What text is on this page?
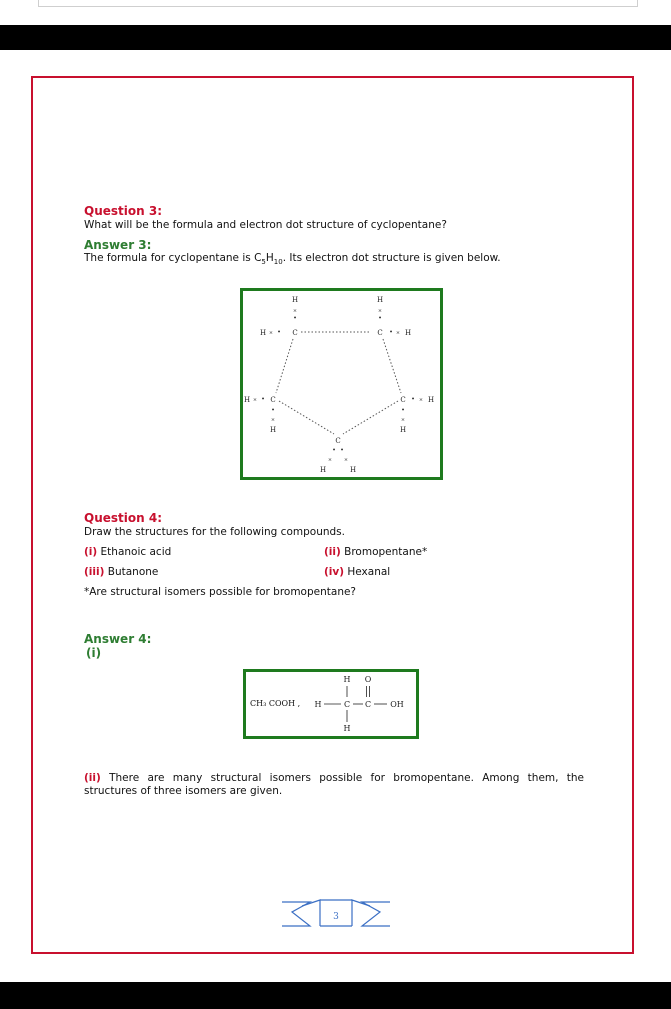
Question 3:
What will be the formula and electron dot structure of cyclopentane?
Answer 3:
The formula for cyclopentane is $C_5H_{10}$. Its electron dot structure is given below.
H
×
•
H × • C
H
×
•
C • × H
H × • C
•
×
H
C • × H
•
×
H
C
• •
× ×
H	H
Question 4:
Draw the structures for the following compounds.
(i) Ethanoic acid	(ii) Bromopentane*
(iii) Butanone	(iv) Hexanal
*Are structural isomers possible for bromopentane?
Answer 4:
(i)
CH₃ COOH ,
H O
H	C C OH
H
(ii) There are many structural isomers possible for bromopentane. Among them, the
structures of three isomers are given.
3
